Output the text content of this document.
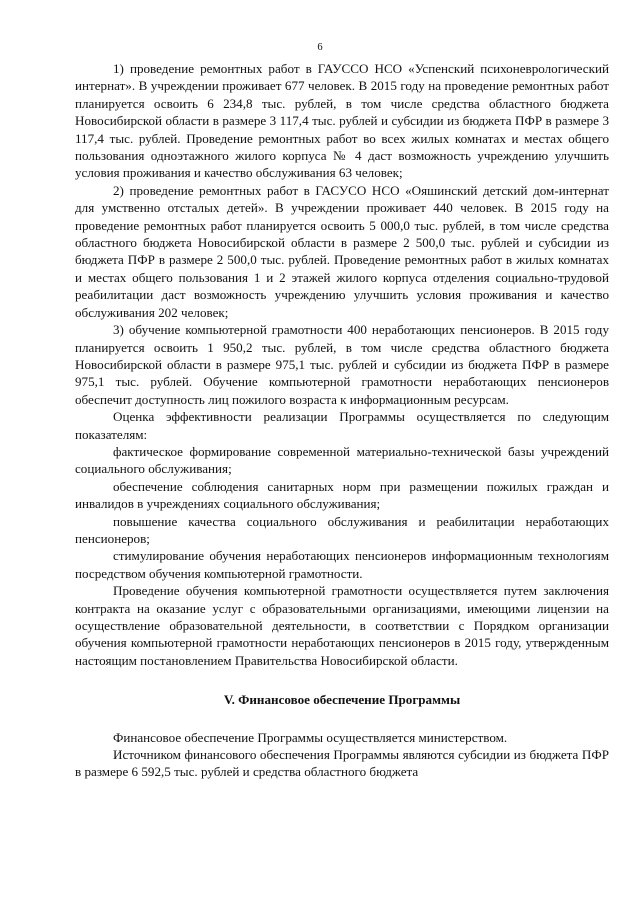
6

1) проведение ремонтных работ в ГАУССО НСО «Успенский психоневрологический интернат». В учреждении проживает 677 человек. В 2015 году на проведение ремонтных работ планируется освоить 6 234,8 тыс. рублей, в том числе средства областного бюджета Новосибирской области в размере 3 117,4 тыс. рублей и субсидии из бюджета ПФР в размере 3 117,4 тыс. рублей. Проведение ремонтных работ во всех жилых комнатах и местах общего пользования одноэтажного жилого корпуса № 4 даст возможность учреждению улучшить условия проживания и качество обслуживания 63 человек;

2) проведение ремонтных работ в ГАСУСО НСО «Ояшинский детский дом-интернат для умственно отсталых детей». В учреждении проживает 440 человек. В 2015 году на проведение ремонтных работ планируется освоить 5 000,0 тыс. рублей, в том числе средства областного бюджета Новосибирской области в размере 2 500,0 тыс. рублей и субсидии из бюджета ПФР в размере 2 500,0 тыс. рублей. Проведение ремонтных работ в жилых комнатах и местах общего пользования 1 и 2 этажей жилого корпуса отделения социально-трудовой реабилитации даст возможность учреждению улучшить условия проживания и качество обслуживания 202 человек;

3) обучение компьютерной грамотности 400 неработающих пенсионеров. В 2015 году планируется освоить 1 950,2 тыс. рублей, в том числе средства областного бюджета Новосибирской области в размере 975,1 тыс. рублей и субсидии из бюджета ПФР в размере 975,1 тыс. рублей. Обучение компьютерной грамотности неработающих пенсионеров обеспечит доступность лиц пожилого возраста к информационным ресурсам.

Оценка эффективности реализации Программы осуществляется по следующим показателям:

фактическое формирование современной материально-технической базы учреждений социального обслуживания;

обеспечение соблюдения санитарных норм при размещении пожилых граждан и инвалидов в учреждениях социального обслуживания;

повышение качества социального обслуживания и реабилитации неработающих пенсионеров;

стимулирование обучения неработающих пенсионеров информационным технологиям посредством обучения компьютерной грамотности.

Проведение обучения компьютерной грамотности осуществляется путем заключения контракта на оказание услуг с образовательными организациями, имеющими лицензии на осуществление образовательной деятельности, в соответствии с Порядком организации обучения компьютерной грамотности неработающих пенсионеров в 2015 году, утвержденным настоящим постановлением Правительства Новосибирской области.

V. Финансовое обеспечение Программы

Финансовое обеспечение Программы осуществляется министерством.

Источником финансового обеспечения Программы являются субсидии из бюджета ПФР в размере 6 592,5 тыс. рублей и средства областного бюджета
